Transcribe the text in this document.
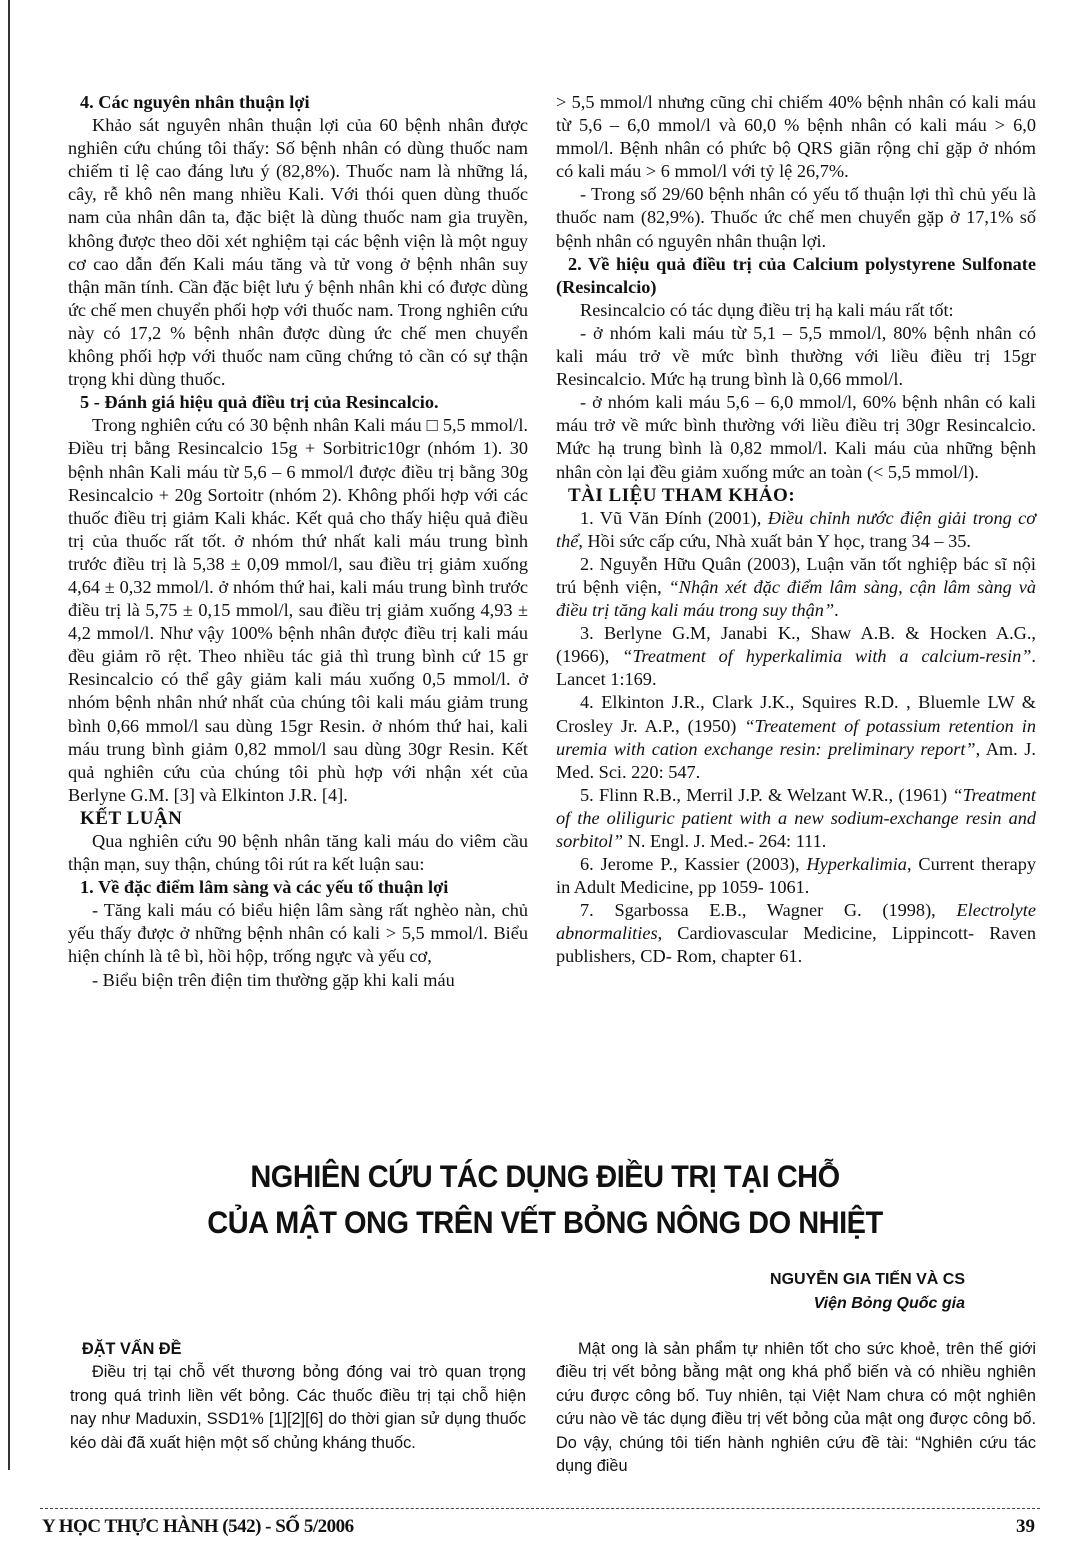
4. Các nguyên nhân thuận lợi

Khảo sát nguyên nhân thuận lợi của 60 bệnh nhân được nghiên cứu chúng tôi thấy: Số bệnh nhân có dùng thuốc nam chiếm tỉ lệ cao đáng lưu ý (82,8%). Thuốc nam là những lá, cây, rễ khô nên mang nhiều Kali. Với thói quen dùng thuốc nam của nhân dân ta, đặc biệt là dùng thuốc nam gia truyền, không được theo dõi xét nghiệm tại các bệnh viện là một nguy cơ cao dẫn đến Kali máu tăng và tử vong ở bệnh nhân suy thận mãn tính. Cần đặc biệt lưu ý bệnh nhân khi có được dùng ức chế men chuyển phối hợp với thuốc nam. Trong nghiên cứu này có 17,2 % bệnh nhân được dùng ức chế men chuyển không phối hợp với thuốc nam cũng chứng tỏ cần có sự thận trọng khi dùng thuốc.

5 - Đánh giá hiệu quả điều trị của Resincalcio.

Trong nghiên cứu có 30 bệnh nhân Kali máu □ 5,5 mmol/l. Điều trị bằng Resincalcio 15g + Sorbitric10gr (nhóm 1). 30 bệnh nhân Kali máu từ 5,6 – 6 mmol/l được điều trị bằng 30g Resincalcio + 20g Sortoitr (nhóm 2). Không phối hợp với các thuốc điều trị giảm Kali khác. Kết quả cho thấy hiệu quả điều trị của thuốc rất tốt. ở nhóm thứ nhất kali máu trung bình trước điều trị là 5,38 ± 0,09 mmol/l, sau điều trị giảm xuống 4,64 ± 0,32 mmol/l. ở nhóm thứ hai, kali máu trung bình trước điều trị là 5,75 ± 0,15 mmol/l, sau điều trị giảm xuống 4,93 ± 4,2 mmol/l. Như vậy 100% bệnh nhân được điều trị kali máu đều giảm rõ rệt. Theo nhiều tác giả thì trung bình cứ 15 gr Resincalcio có thể gây giảm kali máu xuống 0,5 mmol/l. ở nhóm bệnh nhân nhứ nhất của chúng tôi kali máu giảm trung bình 0,66 mmol/l sau dùng 15gr Resin. ở nhóm thứ hai, kali máu trung bình giảm 0,82 mmol/l sau dùng 30gr Resin. Kết quả nghiên cứu của chúng tôi phù hợp với nhận xét của Berlyne G.M. [3] và Elkinton J.R. [4].

KẾT LUẬN

Qua nghiên cứu 90 bệnh nhân tăng kali máu do viêm cầu thận mạn, suy thận, chúng tôi rút ra kết luận sau:

1. Về đặc điểm lâm sàng và các yếu tố thuận lợi

- Tăng kali máu có biểu hiện lâm sàng rất nghèo nàn, chủ yếu thấy được ở những bệnh nhân có kali > 5,5 mmol/l. Biểu hiện chính là tê bì, hồi hộp, trống ngực và yếu cơ,

- Biểu biện trên điện tim thường gặp khi kali máu

> 5,5 mmol/l nhưng cũng chỉ chiếm 40% bệnh nhân có kali máu từ 5,6 – 6,0 mmol/l và 60,0 % bệnh nhân có kali máu > 6,0 mmol/l. Bệnh nhân có phức bộ QRS giãn rộng chỉ gặp ở nhóm có kali máu > 6 mmol/l với tỷ lệ 26,7%.

- Trong số 29/60 bệnh nhân có yếu tố thuận lợi thì chủ yếu là thuốc nam (82,9%). Thuốc ức chế men chuyển gặp ở 17,1% số bệnh nhân có nguyên nhân thuận lợi.

2. Về hiệu quả điều trị của Calcium polystyrene Sulfonate (Resincalcio)

Resincalcio có tác dụng điều trị hạ kali máu rất tốt:

- ở nhóm kali máu từ 5,1 – 5,5 mmol/l, 80% bệnh nhân có kali máu trở về mức bình thường với liều điều trị 15gr Resincalcio. Mức hạ trung bình là 0,66 mmol/l.

- ở nhóm kali máu 5,6 – 6,0 mmol/l, 60% bệnh nhân có kali máu trở về mức bình thường với liều điều trị 30gr Resincalcio. Mức hạ trung bình là 0,82 mmol/l. Kali máu của những bệnh nhân còn lại đều giảm xuống mức an toàn (< 5,5 mmol/l).

TÀI LIỆU THAM KHẢO:

1. Vũ Văn Đính (2001), Điều chỉnh nước điện giải trong cơ thể, Hồi sức cấp cứu, Nhà xuất bản Y học, trang 34 – 35.

2. Nguyễn Hữu Quân (2003), Luận văn tốt nghiệp bác sĩ nội trú bệnh viện, “Nhận xét đặc điểm lâm sàng, cận lâm sàng và điều trị tăng kali máu trong suy thận”.

3. Berlyne G.M, Janabi K., Shaw A.B. & Hocken A.G., (1966), “Treatment of hyperkalimia with a calcium-resin”. Lancet 1:169.

4. Elkinton J.R., Clark J.K., Squires R.D. , Bluemle LW & Crosley Jr. A.P., (1950) “Treatement of potassium retention in uremia with cation exchange resin: preliminary report”, Am. J. Med. Sci. 220: 547.

5. Flinn R.B., Merril J.P. & Welzant W.R., (1961) “Treatment of the oliliguric patient with a new sodium-exchange resin and sorbitol” N. Engl. J. Med.- 264: 111.

6. Jerome P., Kassier (2003), Hyperkalimia, Current therapy in Adult Medicine, pp 1059- 1061.

7. Sgarbossa E.B., Wagner G. (1998), Electrolyte abnormalities, Cardiovascular Medicine, Lippincott- Raven publishers, CD- Rom, chapter 61.

NGHIÊN CỨU TÁC DỤNG ĐIỀU TRỊ TẠI CHỖ
CỦA MẬT ONG TRÊN VẾT BỎNG NÔNG DO NHIỆT
NGUYỄN GIA TIẾN VÀ CS
Viện Bỏng Quốc gia

ĐẶT VẤN ĐỀ

Điều trị tại chỗ vết thương bỏng đóng vai trò quan trọng trong quá trình liền vết bỏng. Các thuốc điều trị tại chỗ hiện nay như Maduxin, SSD1% [1][2][6] do thời gian sử dụng thuốc kéo dài đã xuất hiện một số chủng kháng thuốc.

Mật ong là sản phẩm tự nhiên tốt cho sức khoẻ, trên thế giới điều trị vết bỏng bằng mật ong khá phổ biến và có nhiều nghiên cứu được công bố. Tuy nhiên, tại Việt Nam chưa có một nghiên cứu nào về tác dụng điều trị vết bỏng của mật ong được công bố. Do vậy, chúng tôi tiến hành nghiên cứu đề tài: “Nghiên cứu tác dụng điều

Y HỌC THỰC HÀNH (542) - SỐ 5/2006	39
